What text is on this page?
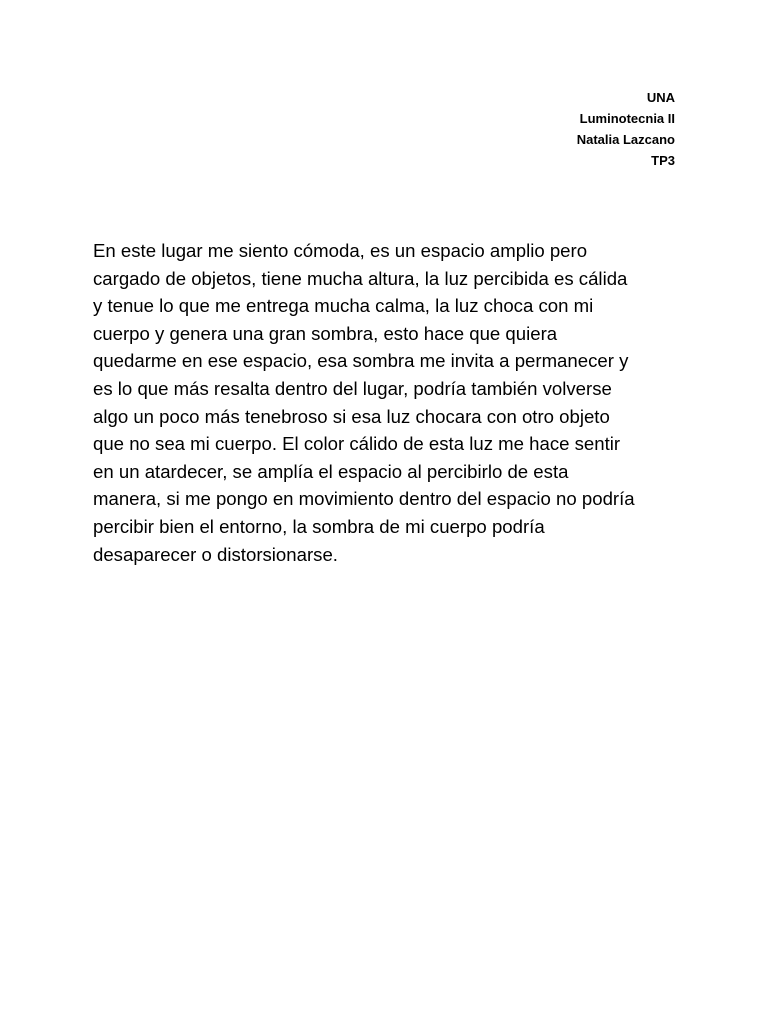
UNA
Luminotecnia II
Natalia Lazcano
TP3

En este lugar me siento cómoda, es un espacio amplio pero
cargado de objetos, tiene mucha altura, la luz percibida es cálida
y tenue lo que me entrega mucha calma, la luz choca con mi
cuerpo y genera una gran sombra, esto hace que quiera
quedarme en ese espacio, esa sombra me invita a permanecer y
es lo que más resalta dentro del lugar, podría también volverse
algo un poco más tenebroso si esa luz chocara con otro objeto
que no sea mi cuerpo. El color cálido de esta luz me hace sentir
en un atardecer, se amplía el espacio al percibirlo de esta
manera, si me pongo en movimiento dentro del espacio no podría
percibir bien el entorno, la sombra de mi cuerpo podría
desaparecer o distorsionarse.
